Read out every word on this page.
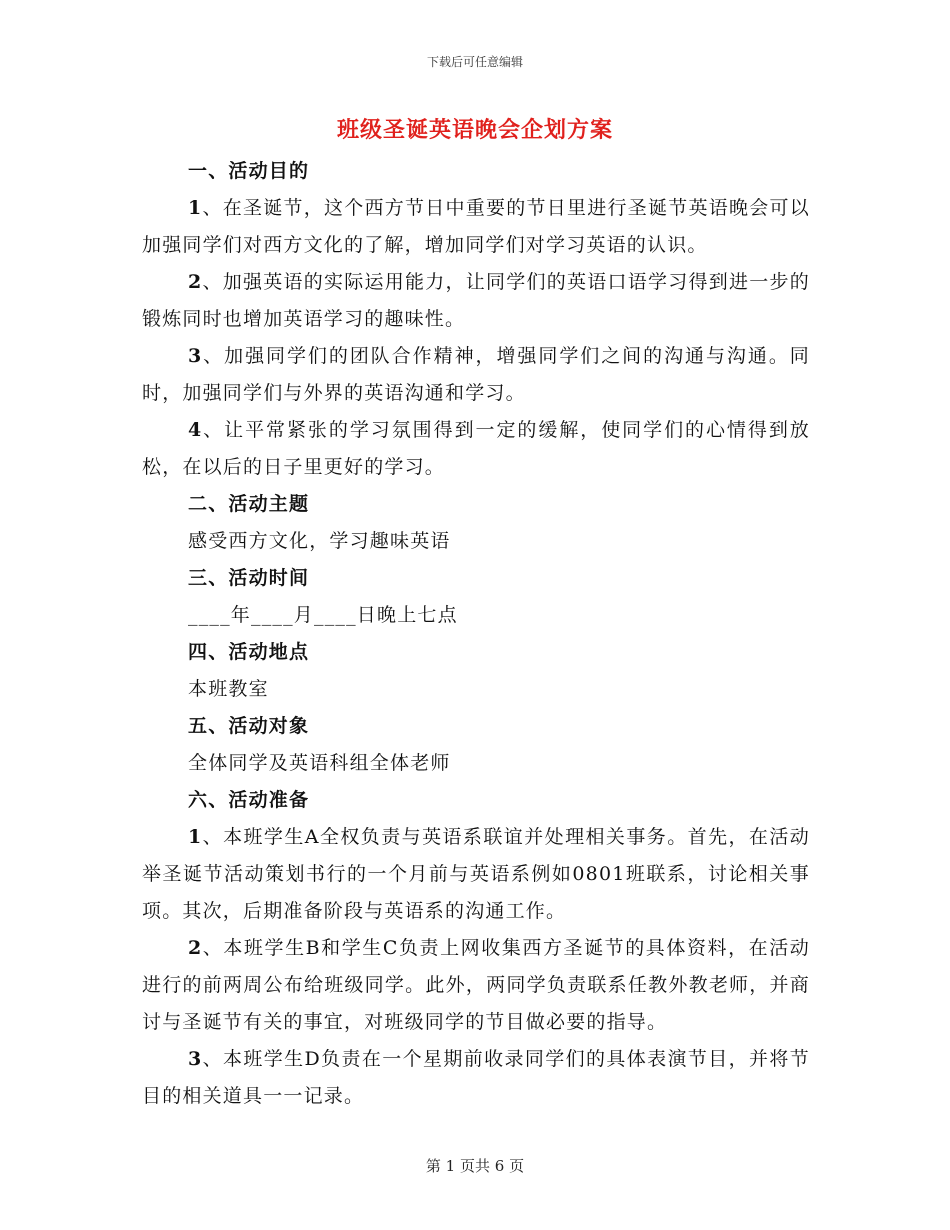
下载后可任意编辑
班级圣诞英语晚会企划方案

一、活动目的

1、在圣诞节，这个西方节日中重要的节日里进行圣诞节英语晚会可以加强同学们对西方文化的了解，增加同学们对学习英语的认识。

2、加强英语的实际运用能力，让同学们的英语口语学习得到进一步的锻炼同时也增加英语学习的趣味性。

3、加强同学们的团队合作精神，增强同学们之间的沟通与沟通。同时，加强同学们与外界的英语沟通和学习。

4、让平常紧张的学习氛围得到一定的缓解，使同学们的心情得到放松，在以后的日子里更好的学习。

二、活动主题

感受西方文化，学习趣味英语

三、活动时间

____年____月____日晚上七点

四、活动地点

本班教室

五、活动对象

全体同学及英语科组全体老师

六、活动准备

1、本班学生A全权负责与英语系联谊并处理相关事务。首先，在活动举圣诞节活动策划书行的一个月前与英语系例如0801班联系，讨论相关事项。其次，后期准备阶段与英语系的沟通工作。

2、本班学生B和学生C负责上网收集西方圣诞节的具体资料，在活动进行的前两周公布给班级同学。此外，两同学负责联系任教外教老师，并商讨与圣诞节有关的事宜，对班级同学的节目做必要的指导。

3、本班学生D负责在一个星期前收录同学们的具体表演节目，并将节目的相关道具一一记录。

第 1 页共 6 页
